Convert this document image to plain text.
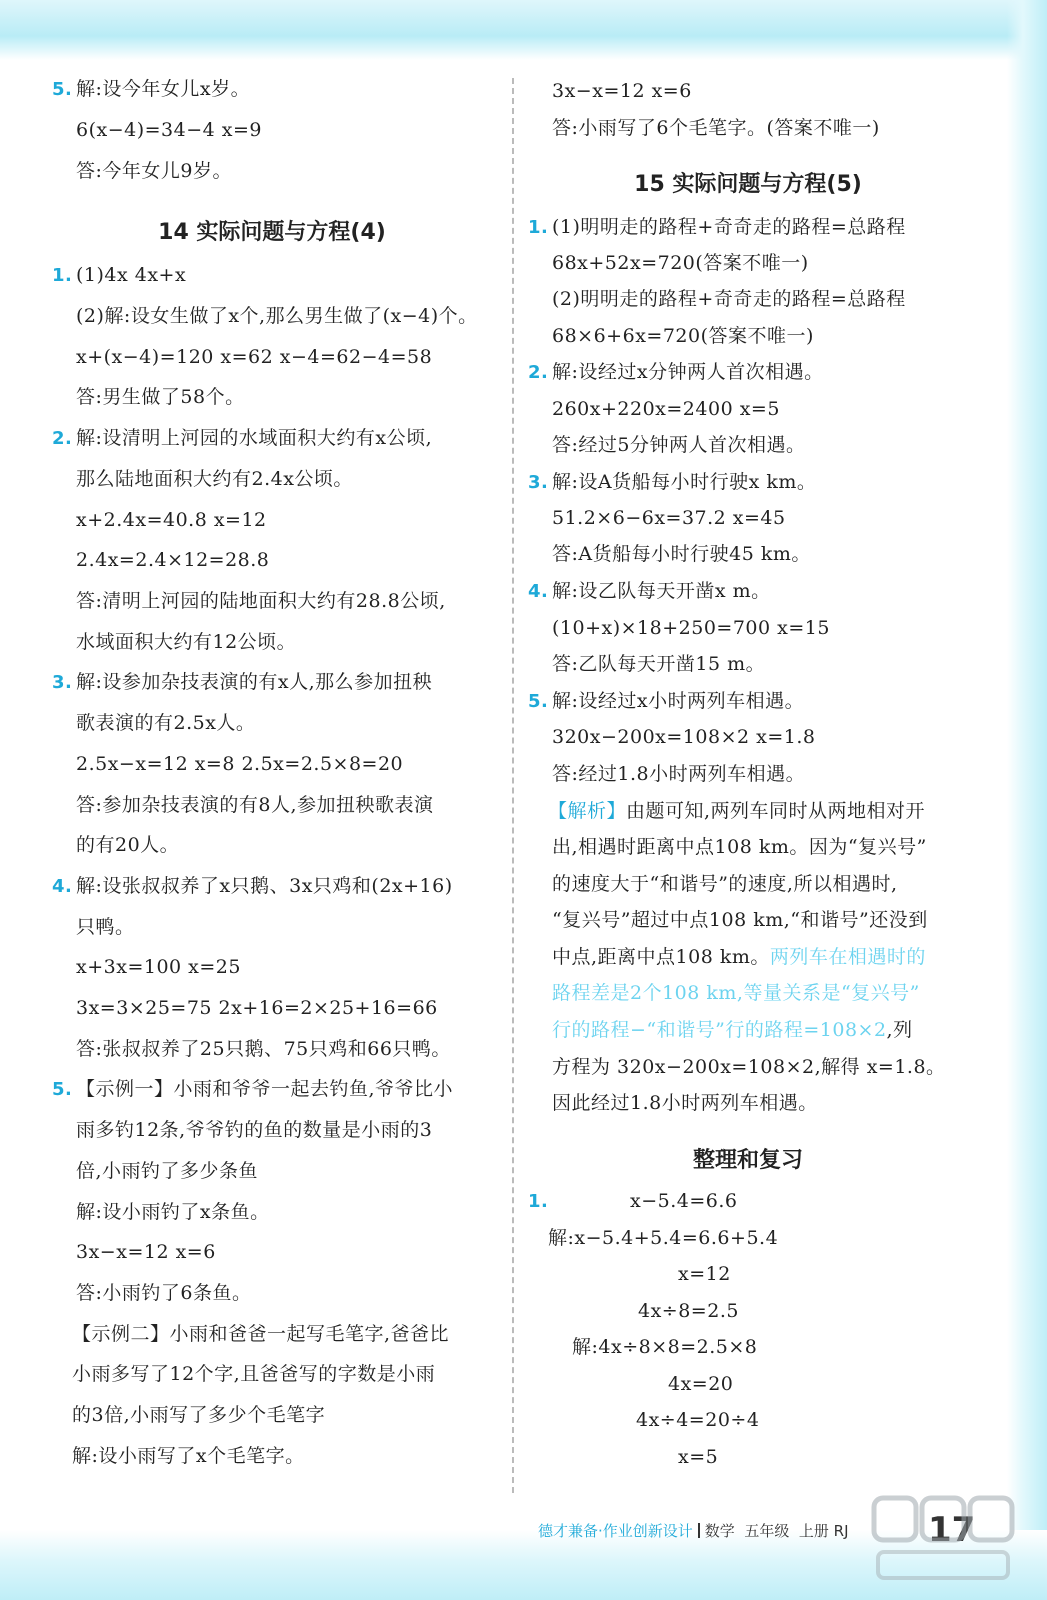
5. 解:设今年女儿x岁。
6(x−4)=34−4 x=9
答:今年女儿9岁。
14 实际问题与方程(4)
1. (1)4x 4x+x
(2)解:设女生做了x个,那么男生做了(x−4)个。
x+(x−4)=120 x=62 x−4=62−4=58
答:男生做了58个。
2. 解:设清明上河园的水域面积大约有x公顷,
那么陆地面积大约有2.4x公顷。
x+2.4x=40.8 x=12
2.4x=2.4×12=28.8
答:清明上河园的陆地面积大约有28.8公顷,
水域面积大约有12公顷。
3. 解:设参加杂技表演的有x人,那么参加扭秧
歌表演的有2.5x人。
2.5x−x=12 x=8 2.5x=2.5×8=20
答:参加杂技表演的有8人,参加扭秧歌表演
的有20人。
4. 解:设张叔叔养了x只鹅、3x只鸡和(2x+16)
只鸭。
x+3x=100 x=25
3x=3×25=75 2x+16=2×25+16=66
答:张叔叔养了25只鹅、75只鸡和66只鸭。
5. 【示例一】小雨和爷爷一起去钓鱼,爷爷比小
雨多钓12条,爷爷钓的鱼的数量是小雨的3
倍,小雨钓了多少条鱼
解:设小雨钓了x条鱼。
3x−x=12 x=6
答:小雨钓了6条鱼。
【示例二】小雨和爸爸一起写毛笔字,爸爸比
小雨多写了12个字,且爸爸写的字数是小雨
的3倍,小雨写了多少个毛笔字
解:设小雨写了x个毛笔字。
3x−x=12 x=6
答:小雨写了6个毛笔字。(答案不唯一)
15 实际问题与方程(5)
1. (1)明明走的路程+奇奇走的路程=总路程
68x+52x=720(答案不唯一)
(2)明明走的路程+奇奇走的路程=总路程
68×6+6x=720(答案不唯一)
2. 解:设经过x分钟两人首次相遇。
260x+220x=2400 x=5
答:经过5分钟两人首次相遇。
3. 解:设A货船每小时行驶x km。
51.2×6−6x=37.2 x=45
答:A货船每小时行驶45 km。
4. 解:设乙队每天开凿x m。
(10+x)×18+250=700 x=15
答:乙队每天开凿15 m。
5. 解:设经过x小时两列车相遇。
320x−200x=108×2 x=1.8
答:经过1.8小时两列车相遇。
【解析】由题可知,两列车同时从两地相对开
出,相遇时距离中点108 km。因为“复兴号”
的速度大于“和谐号”的速度,所以相遇时,
“复兴号”超过中点108 km,“和谐号”还没到
中点,距离中点108 km。两列车在相遇时的
路程差是2个108 km,等量关系是“复兴号”
行的路程−“和谐号”行的路程=108×2,列
方程为 320x−200x=108×2,解得 x=1.8。
因此经过1.8小时两列车相遇。
整理和复习
1.	x−5.4=6.6
解:x−5.4+5.4=6.6+5.4
x=12
4x÷8=2.5
解:4x÷8×8=2.5×8
4x=20
4x÷4=20÷4
x=5
德才兼备·作业创新设计 数学 五年级 上册 RJ 17
